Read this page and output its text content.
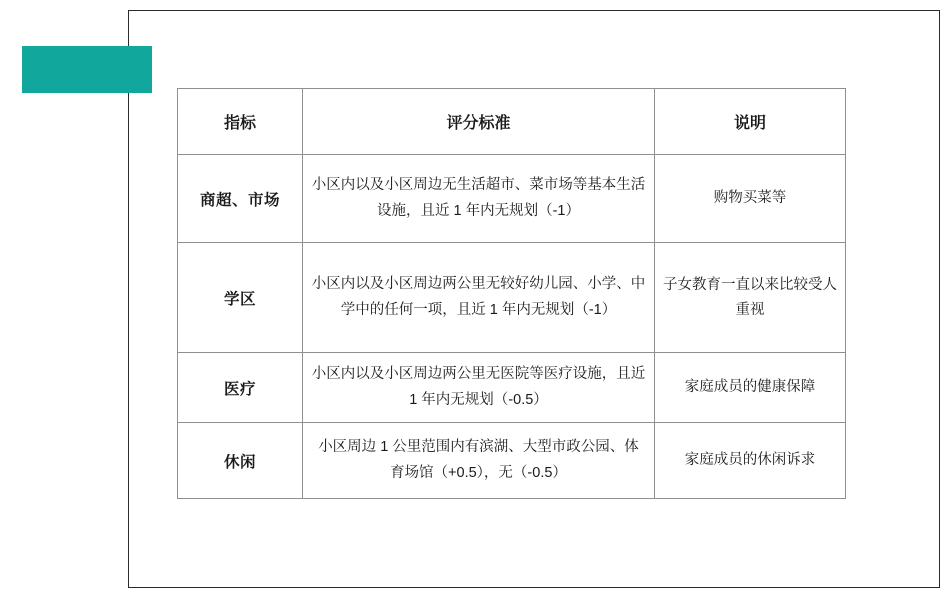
指标	评分标准	说明
商超、市场	小区内以及小区周边无生活超市、菜市场等基本生活设施，且近 1 年内无规划（-1）	购物买菜等
学区	小区内以及小区周边两公里无较好幼儿园、小学、中学中的任何一项，且近 1 年内无规划（-1）	子女教育一直以来比较受人重视
医疗	小区内以及小区周边两公里无医院等医疗设施，且近 1 年内无规划（-0.5）	家庭成员的健康保障
休闲	小区周边 1 公里范围内有滨湖、大型市政公园、体育场馆（+0.5），无（-0.5）	家庭成员的休闲诉求
